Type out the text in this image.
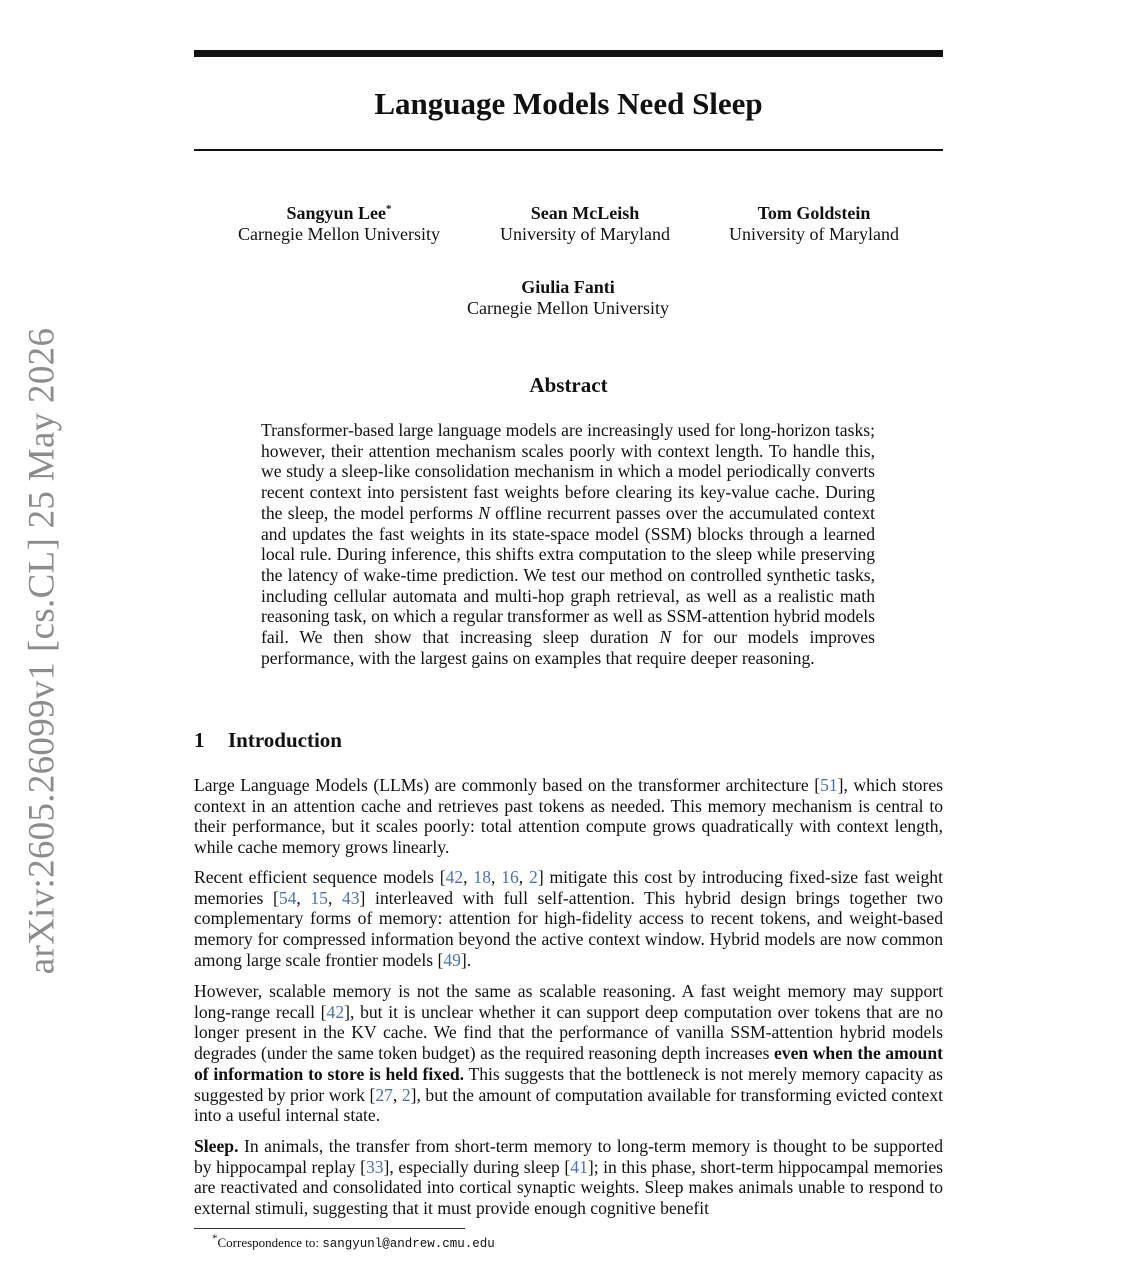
arXiv:2605.26099v1 [cs.CL] 25 May 2026
Language Models Need Sleep
Sangyun Lee*
Carnegie Mellon University
Sean McLeish
University of Maryland
Tom Goldstein
University of Maryland
Giulia Fanti
Carnegie Mellon University
Abstract

Transformer-based large language models are increasingly used for long-horizon tasks; however, their attention mechanism scales poorly with context length. To handle this, we study a sleep-like consolidation mechanism in which a model periodically converts recent context into persistent fast weights before clearing its key-value cache. During the sleep, the model performs N offline recurrent passes over the accumulated context and updates the fast weights in its state-space model (SSM) blocks through a learned local rule. During inference, this shifts extra computation to the sleep while preserving the latency of wake-time prediction. We test our method on controlled synthetic tasks, including cellular automata and multi-hop graph retrieval, as well as a realistic math reasoning task, on which a regular transformer as well as SSM-attention hybrid models fail. We then show that increasing sleep duration N for our models improves performance, with the largest gains on examples that require deeper reasoning.

1 Introduction

Large Language Models (LLMs) are commonly based on the transformer architecture [51], which stores context in an attention cache and retrieves past tokens as needed. This memory mechanism is central to their performance, but it scales poorly: total attention compute grows quadratically with context length, while cache memory grows linearly.

Recent efficient sequence models [42, 18, 16, 2] mitigate this cost by introducing fixed-size fast weight memories [54, 15, 43] interleaved with full self-attention. This hybrid design brings together two complementary forms of memory: attention for high-fidelity access to recent tokens, and weight-based memory for compressed information beyond the active context window. Hybrid models are now common among large scale frontier models [49].

However, scalable memory is not the same as scalable reasoning. A fast weight memory may support long-range recall [42], but it is unclear whether it can support deep computation over tokens that are no longer present in the KV cache. We find that the performance of vanilla SSM-attention hybrid models degrades (under the same token budget) as the required reasoning depth increases even when the amount of information to store is held fixed. This suggests that the bottleneck is not merely memory capacity as suggested by prior work [27, 2], but the amount of computation available for transforming evicted context into a useful internal state.

Sleep. In animals, the transfer from short-term memory to long-term memory is thought to be supported by hippocampal replay [33], especially during sleep [41]; in this phase, short-term hippocampal memories are reactivated and consolidated into cortical synaptic weights. Sleep makes animals unable to respond to external stimuli, suggesting that it must provide enough cognitive benefit

*Correspondence to: sangyunl@andrew.cmu.edu
